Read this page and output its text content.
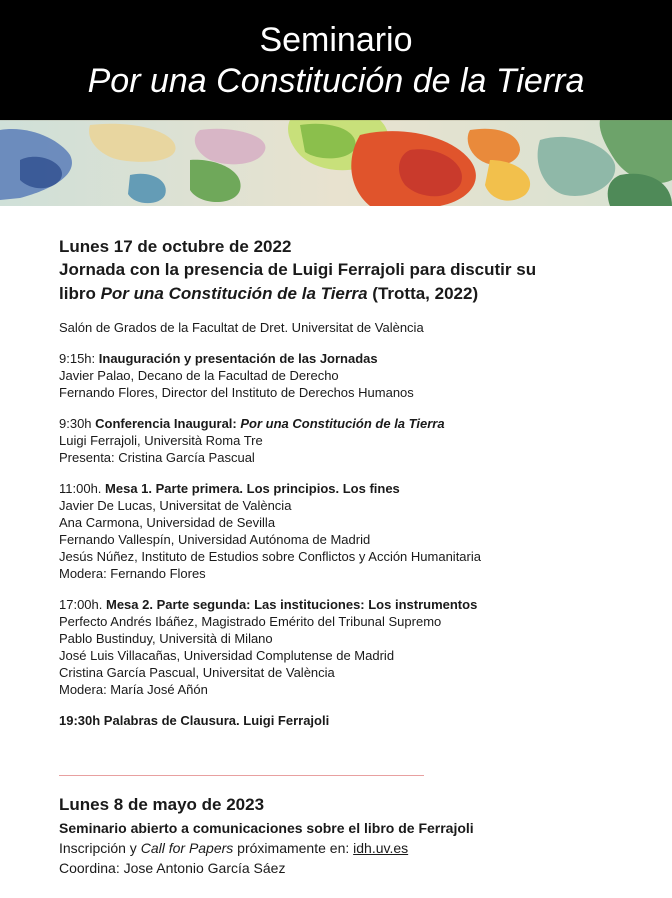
Seminario
Por una Constitución de la Tierra
Lunes 17 de octubre de 2022
Jornada con la presencia de Luigi Ferrajoli para discutir su
libro Por una Constitución de la Tierra (Trotta, 2022)
Salón de Grados de la Facultat de Dret. Universitat de València
9:15h: Inauguración y presentación de las Jornadas
Javier Palao, Decano de la Facultad de Derecho
Fernando Flores, Director del Instituto de Derechos Humanos
9:30h Conferencia Inaugural: Por una Constitución de la Tierra
Luigi Ferrajoli, Università Roma Tre
Presenta: Cristina García Pascual
11:00h. Mesa 1. Parte primera. Los principios. Los fines
Javier De Lucas, Universitat de València
Ana Carmona, Universidad de Sevilla
Fernando Vallespín, Universidad Autónoma de Madrid
Jesús Núñez, Instituto de Estudios sobre Conflictos y Acción Humanitaria
Modera: Fernando Flores
17:00h. Mesa 2. Parte segunda: Las instituciones: Los instrumentos
Perfecto Andrés Ibáñez, Magistrado Emérito del Tribunal Supremo
Pablo Bustinduy, Università di Milano
José Luis Villacañas, Universidad Complutense de Madrid
Cristina García Pascual, Universitat de València
Modera: María José Añón
19:30h Palabras de Clausura. Luigi Ferrajoli
Lunes 8 de mayo de 2023
Seminario abierto a comunicaciones sobre el libro de Ferrajoli
Inscripción y Call for Papers próximamente en: idh.uv.es
Coordina: Jose Antonio García Sáez
